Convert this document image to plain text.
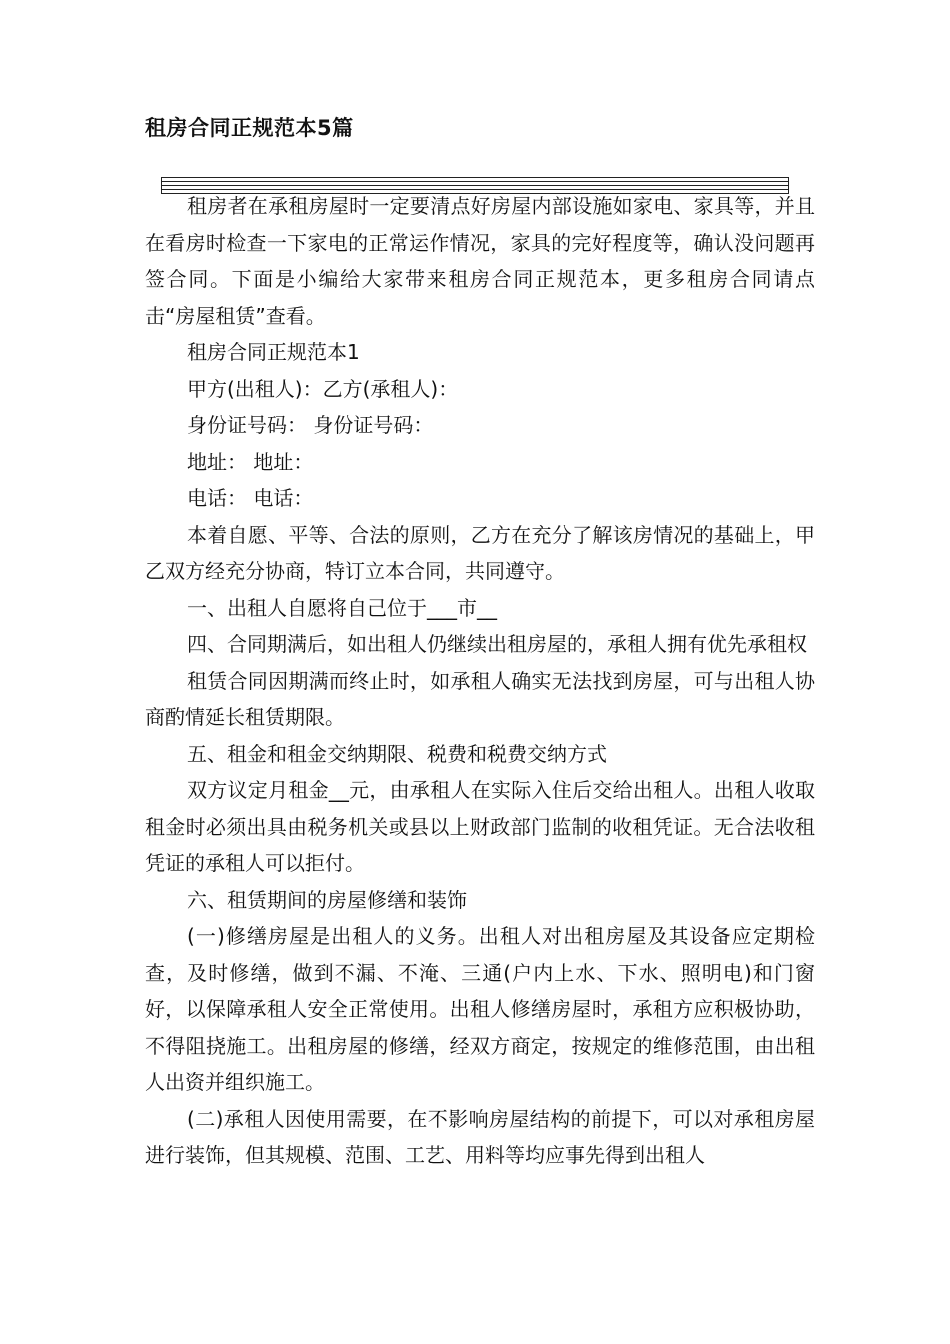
租房合同正规范本5篇

租房者在承租房屋时一定要清点好房屋内部设施如家电、家具等，并且在看房时检查一下家电的正常运作情况，家具的完好程度等，确认没问题再签合同。下面是小编给大家带来租房合同正规范本，更多租房合同请点击“房屋租赁”查看。

租房合同正规范本1

甲方(出租人)：乙方(承租人)：

身份证号码： 身份证号码：

地址： 地址：

电话： 电话：

本着自愿、平等、合法的原则，乙方在充分了解该房情况的基础上，甲乙双方经充分协商，特订立本合同，共同遵守。

一、出租人自愿将自己位于___市__

四、合同期满后，如出租人仍继续出租房屋的，承租人拥有优先承租权

租赁合同因期满而终止时，如承租人确实无法找到房屋，可与出租人协商酌情延长租赁期限。

五、租金和租金交纳期限、税费和税费交纳方式

双方议定月租金__元，由承租人在实际入住后交给出租人。出租人收取租金时必须出具由税务机关或县以上财政部门监制的收租凭证。无合法收租凭证的承租人可以拒付。

六、租赁期间的房屋修缮和装饰

(一)修缮房屋是出租人的义务。出租人对出租房屋及其设备应定期检查，及时修缮，做到不漏、不淹、三通(户内上水、下水、照明电)和门窗好，以保障承租人安全正常使用。出租人修缮房屋时，承租方应积极协助，不得阻挠施工。出租房屋的修缮，经双方商定，按规定的维修范围，由出租人出资并组织施工。

(二)承租人因使用需要，在不影响房屋结构的前提下，可以对承租房屋进行装饰，但其规模、范围、工艺、用料等均应事先得到出租人
